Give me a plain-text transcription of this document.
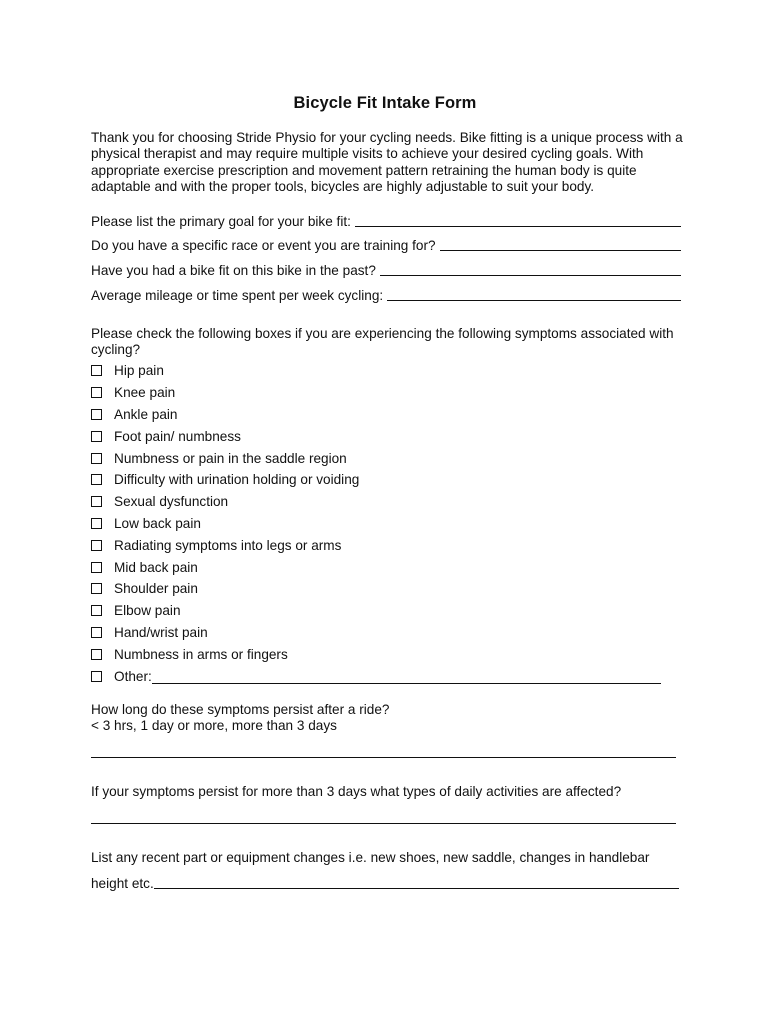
Bicycle Fit Intake Form
Thank you for choosing Stride Physio for your cycling needs. Bike fitting is a unique process with a physical therapist and may require multiple visits to achieve your desired cycling goals. With appropriate exercise prescription and movement pattern retraining the human body is quite adaptable and with the proper tools, bicycles are highly adjustable to suit your body.
Please list the primary goal for your bike fit:
Do you have a specific race or event you are training for?
Have you had a bike fit on this bike in the past?
Average mileage or time spent per week cycling:
Please check the following boxes if you are experiencing the following symptoms associated with cycling?
Hip pain
Knee pain
Ankle pain
Foot pain/ numbness
Numbness or pain in the saddle region
Difficulty with urination holding or voiding
Sexual dysfunction
Low back pain
Radiating symptoms into legs or arms
Mid back pain
Shoulder pain
Elbow pain
Hand/wrist pain
Numbness in arms or fingers
Other:
How long do these symptoms persist after a ride?
< 3 hrs, 1 day or more, more than 3 days
If your symptoms persist for more than 3 days what types of daily activities are affected?
List any recent part or equipment changes i.e. new shoes, new saddle, changes in handlebar
height etc.
